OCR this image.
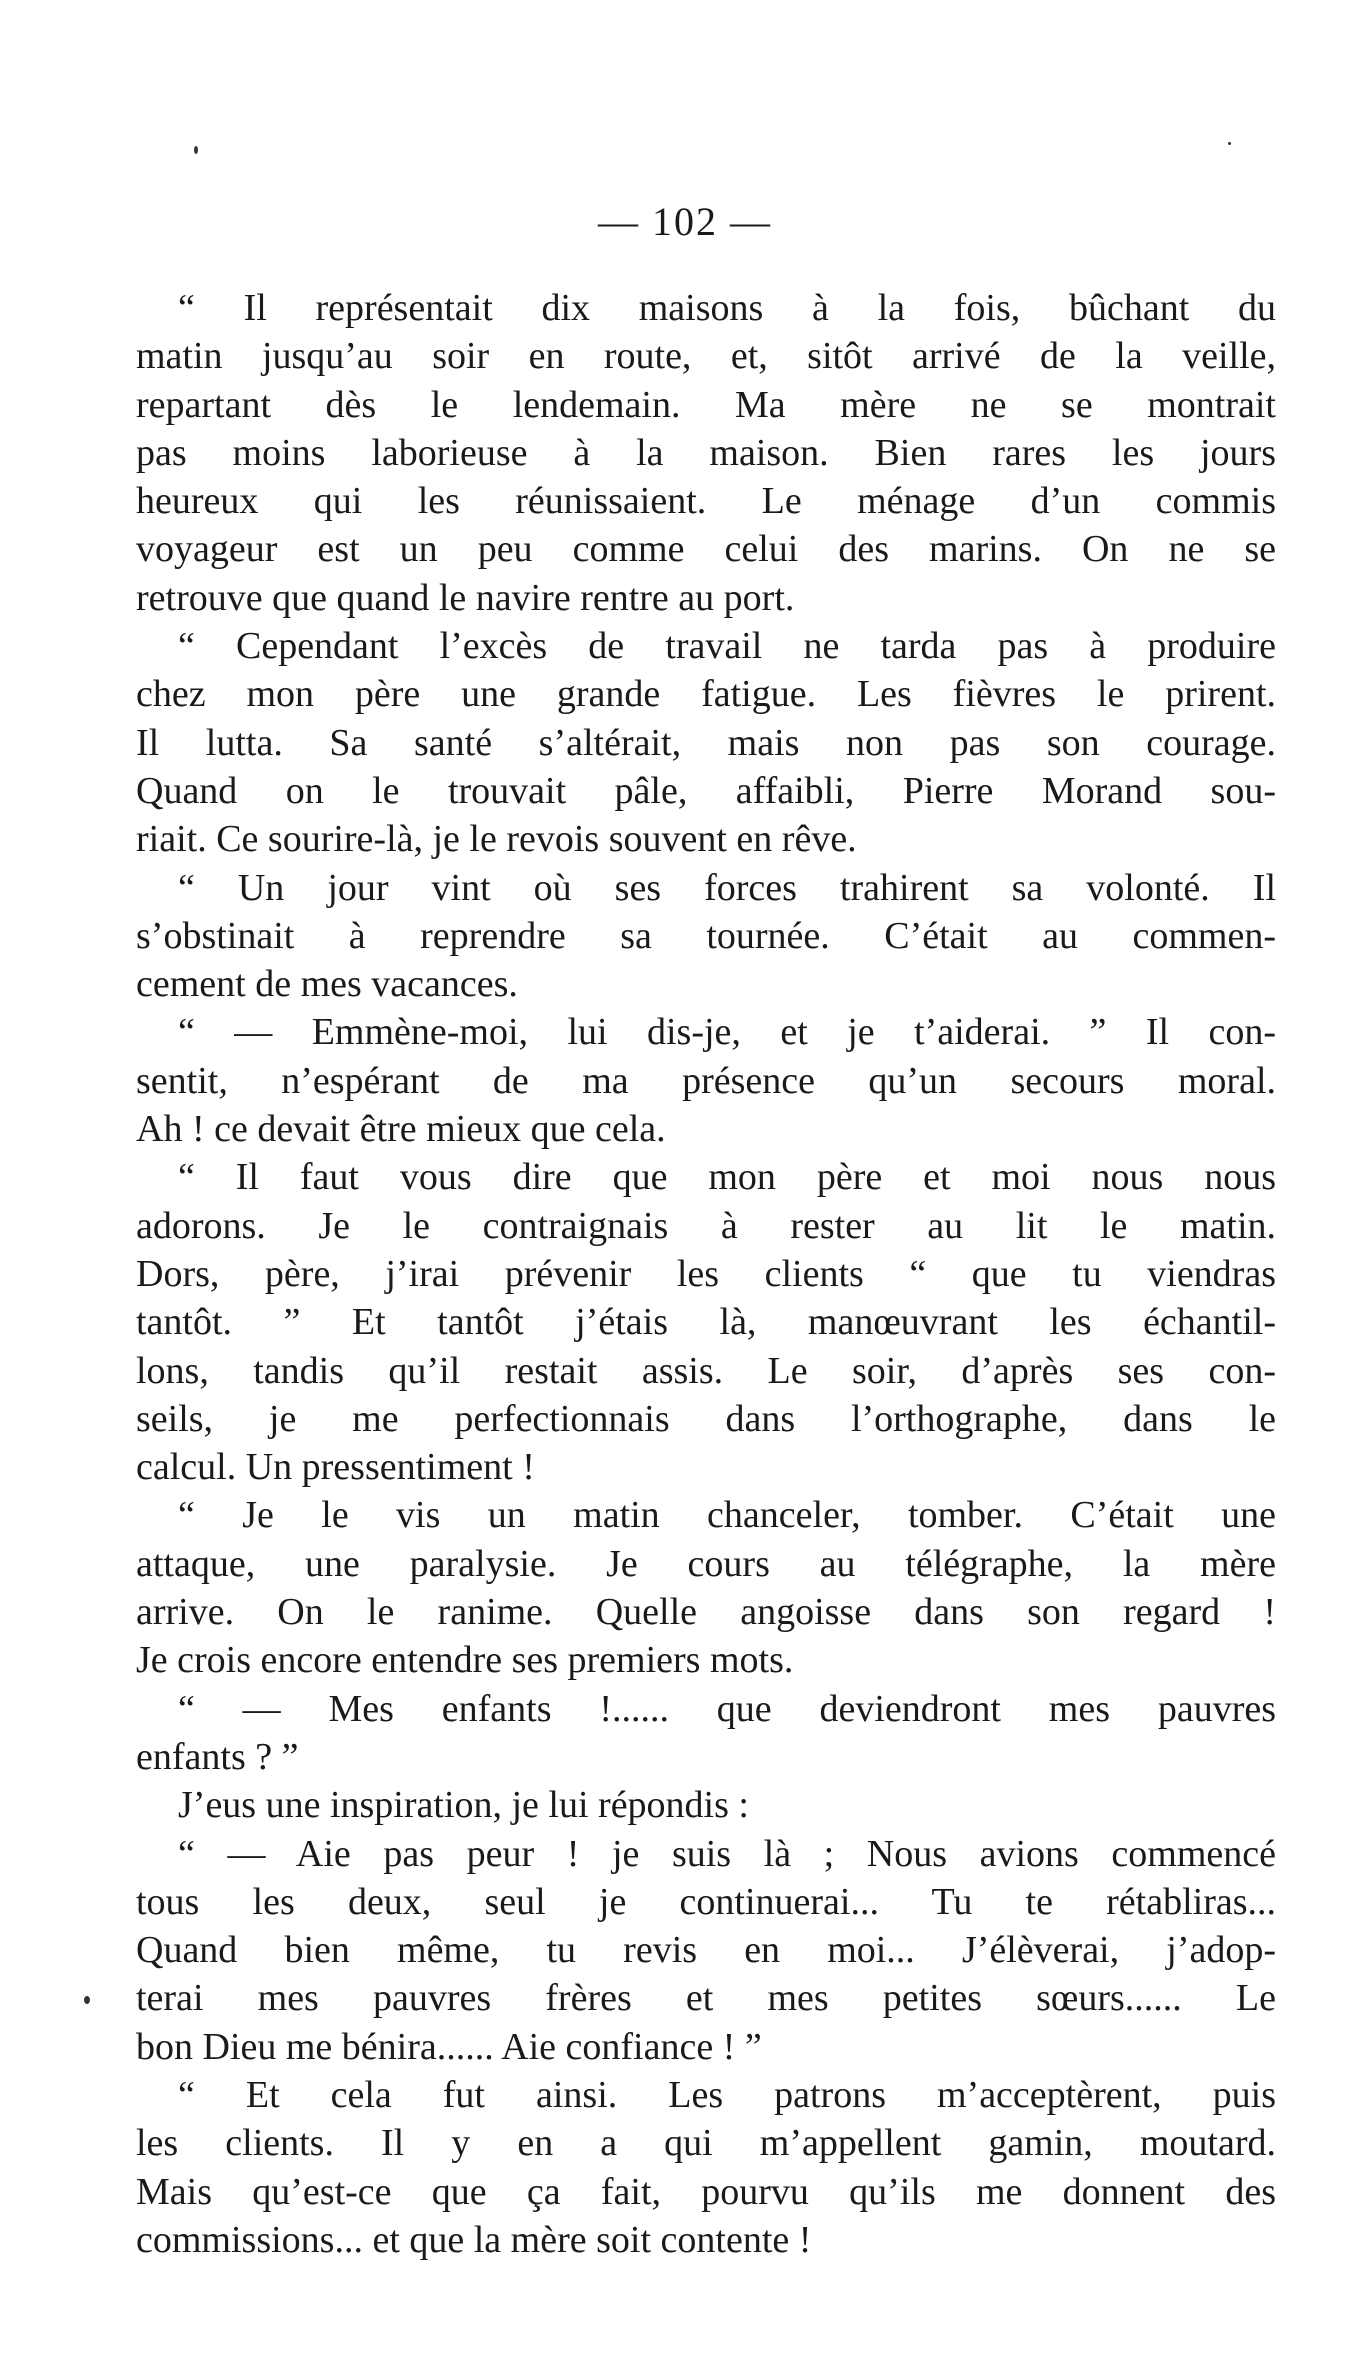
— 102 —
“ Il représentait dix maisons à la fois, bûchant du
matin jusqu’au soir en route, et, sitôt arrivé de la veille,
repartant dès le lendemain. Ma mère ne se montrait
pas moins laborieuse à la maison. Bien rares les jours
heureux qui les réunissaient. Le ménage d’un commis
voyageur est un peu comme celui des marins. On ne se
retrouve que quand le navire rentre au port.
“ Cependant l’excès de travail ne tarda pas à produire
chez mon père une grande fatigue. Les fièvres le prirent.
Il lutta. Sa santé s’altérait, mais non pas son courage.
Quand on le trouvait pâle, affaibli, Pierre Morand sou-
riait. Ce sourire-là, je le revois souvent en rêve.
“ Un jour vint où ses forces trahirent sa volonté. Il
s’obstinait à reprendre sa tournée. C’était au commen-
cement de mes vacances.
“ — Emmène-moi, lui dis-je, et je t’aiderai. ” Il con-
sentit, n’espérant de ma présence qu’un secours moral.
Ah ! ce devait être mieux que cela.
“ Il faut vous dire que mon père et moi nous nous
adorons. Je le contraignais à rester au lit le matin.
Dors, père, j’irai prévenir les clients “ que tu viendras
tantôt. ” Et tantôt j’étais là, manœuvrant les échantil-
lons, tandis qu’il restait assis. Le soir, d’après ses con-
seils, je me perfectionnais dans l’orthographe, dans le
calcul. Un pressentiment !
“ Je le vis un matin chanceler, tomber. C’était une
attaque, une paralysie. Je cours au télégraphe, la mère
arrive. On le ranime. Quelle angoisse dans son regard !
Je crois encore entendre ses premiers mots.
“ — Mes enfants !...... que deviendront mes pauvres
enfants ? ”
J’eus une inspiration, je lui répondis :
“ — Aie pas peur ! je suis là ; Nous avions commencé
tous les deux, seul je continuerai... Tu te rétabliras...
Quand bien même, tu revis en moi... J’élèverai, j’adop-
terai mes pauvres frères et mes petites sœurs...... Le
bon Dieu me bénira...... Aie confiance ! ”
“ Et cela fut ainsi. Les patrons m’acceptèrent, puis
les clients. Il y en a qui m’appellent gamin, moutard.
Mais qu’est-ce que ça fait, pourvu qu’ils me donnent des
commissions... et que la mère soit contente !
